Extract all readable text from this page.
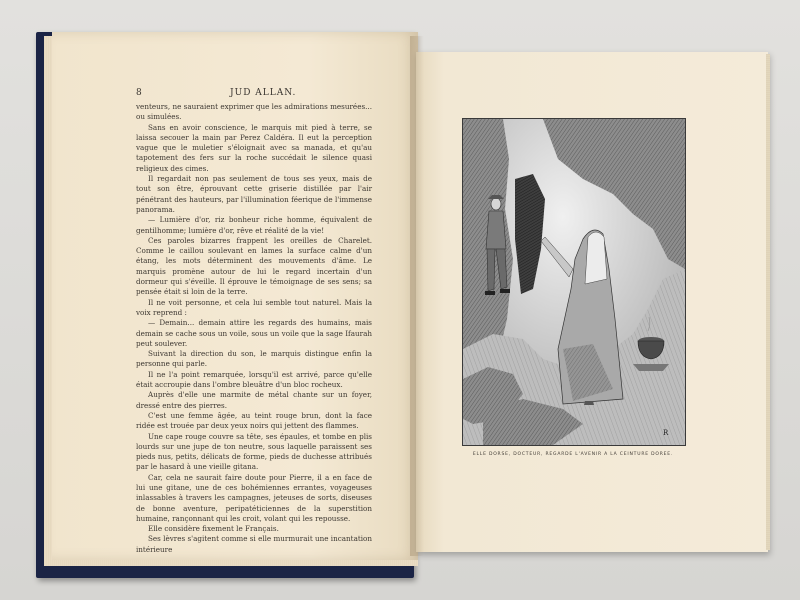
8	JUD ALLAN.

venteurs, ne sauraient exprimer que les admirations mesurées... ou simulées.

Sans en avoir conscience, le marquis mit pied à terre, se laissa secouer la main par Perez Caldéra. Il eut la perception vague que le muletier s'éloignait avec sa manada, et qu'au tapotement des fers sur la roche succédait le silence quasi religieux des cimes.

Il regardait non pas seulement de tous ses yeux, mais de tout son être, éprouvant cette griserie distillée par l'air pénétrant des hauteurs, par l'illumination féerique de l'immense panorama.

— Lumière d'or, riz bonheur riche homme, équivalent de gentilhomme; lumière d'or, rêve et réalité de la vie!

Ces paroles bizarres frappent les oreilles de Charelet. Comme le caillou soulevant en lames la surface calme d'un étang, les mots déterminent des mouvements d'âme. Le marquis promène autour de lui le regard incertain d'un dormeur qui s'éveille. Il éprouve le témoignage de ses sens; sa pensée était si loin de la terre.

Il ne voit personne, et cela lui semble tout naturel. Mais la voix reprend :

— Demain... demain attire les regards des humains, mais demain se cache sous un voile, sous un voile que la sage Ifaurah peut soulever.

Suivant la direction du son, le marquis distingue enfin la personne qui parle.

Il ne l'a point remarquée, lorsqu'il est arrivé, parce qu'elle était accroupie dans l'ombre bleuâtre d'un bloc rocheux.

Auprès d'elle une marmite de métal chante sur un foyer, dressé entre des pierres.

C'est une femme âgée, au teint rouge brun, dont la face ridée est trouée par deux yeux noirs qui jettent des flammes.

Une cape rouge couvre sa tête, ses épaules, et tombe en plis lourds sur une jupe de ton neutre, sous laquelle paraissent ses pieds nus, petits, délicats de forme, pieds de duchesse attribués par le hasard à une vieille gitana.

Car, cela ne saurait faire doute pour Pierre, il a en face de lui une gitane, une de ces bohémiennes errantes, voyageuses inlassables à travers les campagnes, jeteuses de sorts, diseuses de bonne aventure, peripatéticiennes de la superstition humaine, rançonnant qui les croit, volant qui les repousse.

Elle considère fixement le Français.

Ses lèvres s'agitent comme si elle murmurait une incantation intérieure

R
ELLE DORSE, DOCTEUR, REGARDE L'AVENIR A LA CEINTURE DOREE.
